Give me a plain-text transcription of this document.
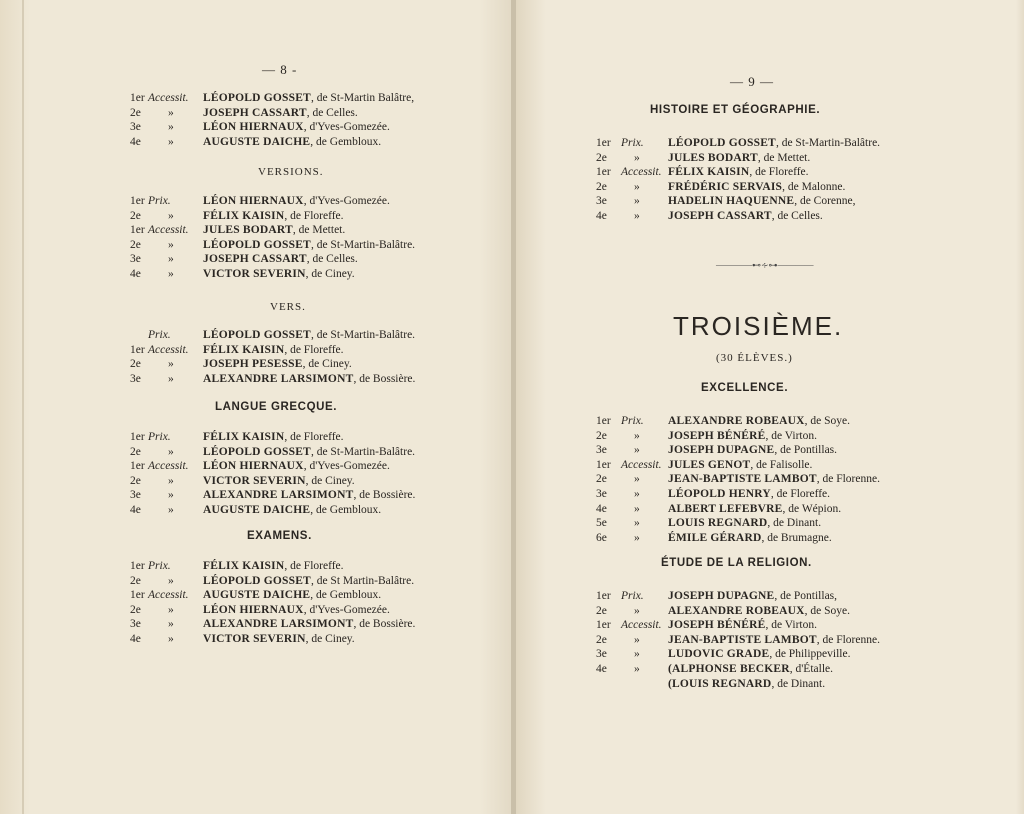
— 8 -
1er Accessit. LÉOPOLD GOSSET, de St-Martin Balâtre,
2e	»	JOSEPH CASSART, de Celles.
3e	»	LÉON HIERNAUX, d'Yves-Gomezée.
4e	»	AUGUSTE DAICHE, de Gembloux.
VERSIONS.
1er Prix.	LÉON HIERNAUX, d'Yves-Gomezée.
2e	»	FÉLIX KAISIN, de Floreffe.
1er Accessit. JULES BODART, de Mettet.
2e	»	LÉOPOLD GOSSET, de St-Martin-Balâtre.
3e	»	JOSEPH CASSART, de Celles.
4e	»	VICTOR SEVERIN, de Ciney.
VERS.
Prix.	LÉOPOLD GOSSET, de St-Martin-Balâtre.
1er Accessit. FÉLIX KAISIN, de Floreffe.
2e	»	JOSEPH PESESSE, de Ciney.
3e	»	ALEXANDRE LARSIMONT, de Bossière.
LANGUE GRECQUE.
1er Prix.	FÉLIX KAISIN, de Floreffe.
2e	»	LÉOPOLD GOSSET, de St-Martin-Balâtre.
1er Accessit. LÉON HIERNAUX, d'Yves-Gomezée.
2e	»	VICTOR SEVERIN, de Ciney.
3e	»	ALEXANDRE LARSIMONT, de Bossière.
4e	»	AUGUSTE DAICHE, de Gembloux.
EXAMENS.
1er Prix.	FÉLIX KAISIN, de Floreffe.
2e	»	LÉOPOLD GOSSET, de St Martin-Balâtre.
1er Accessit. AUGUSTE DAICHE, de Gembloux.
2e	»	LÉON HIERNAUX, d'Yves-Gomezée.
3e	»	ALEXANDRE LARSIMONT, de Bossière.
4e	»	VICTOR SEVERIN, de Ciney.
— 9 —
————⊷∻⊶————
TROISIÈME.
(30 ÉLÈVES.)
HISTOIRE ET GÉOGRAPHIE.
1er Prix. LÉOPOLD GOSSET, de St-Martin-Balâtre.
2e	» JULES BODART, de Mettet.
1er Accessit. FÉLIX KAISIN, de Floreffe.
2e	» FRÉDÉRIC SERVAIS, de Malonne.
3e	» HADELIN HAQUENNE, de Corenne,
4e	» JOSEPH CASSART, de Celles.
EXCELLENCE.
1er Prix. ALEXANDRE ROBEAUX, de Soye.
2e	» JOSEPH BÉNÉRÉ, de Virton.
3e	» JOSEPH DUPAGNE, de Pontillas.
1er Accessit. JULES GENOT, de Falisolle.
2e	» JEAN-BAPTISTE LAMBOT, de Florenne.
3e	» LÉOPOLD HENRY, de Floreffe.
4e	» ALBERT LEFEBVRE, de Wépion.
5e	» LOUIS REGNARD, de Dinant.
6e	» ÉMILE GÉRARD, de Brumagne.
ÉTUDE DE LA RELIGION.
1er Prix. JOSEPH DUPAGNE, de Pontillas,
2e	» ALEXANDRE ROBEAUX, de Soye.
1er Accessit. JOSEPH BÉNÉRÉ, de Virton.
2e	» JEAN-BAPTISTE LAMBOT, de Florenne.
3e	» LUDOVIC GRADE, de Philippeville.
4e	» (ALPHONSE BECKER, d'Étalle.
(LOUIS REGNARD, de Dinant.
